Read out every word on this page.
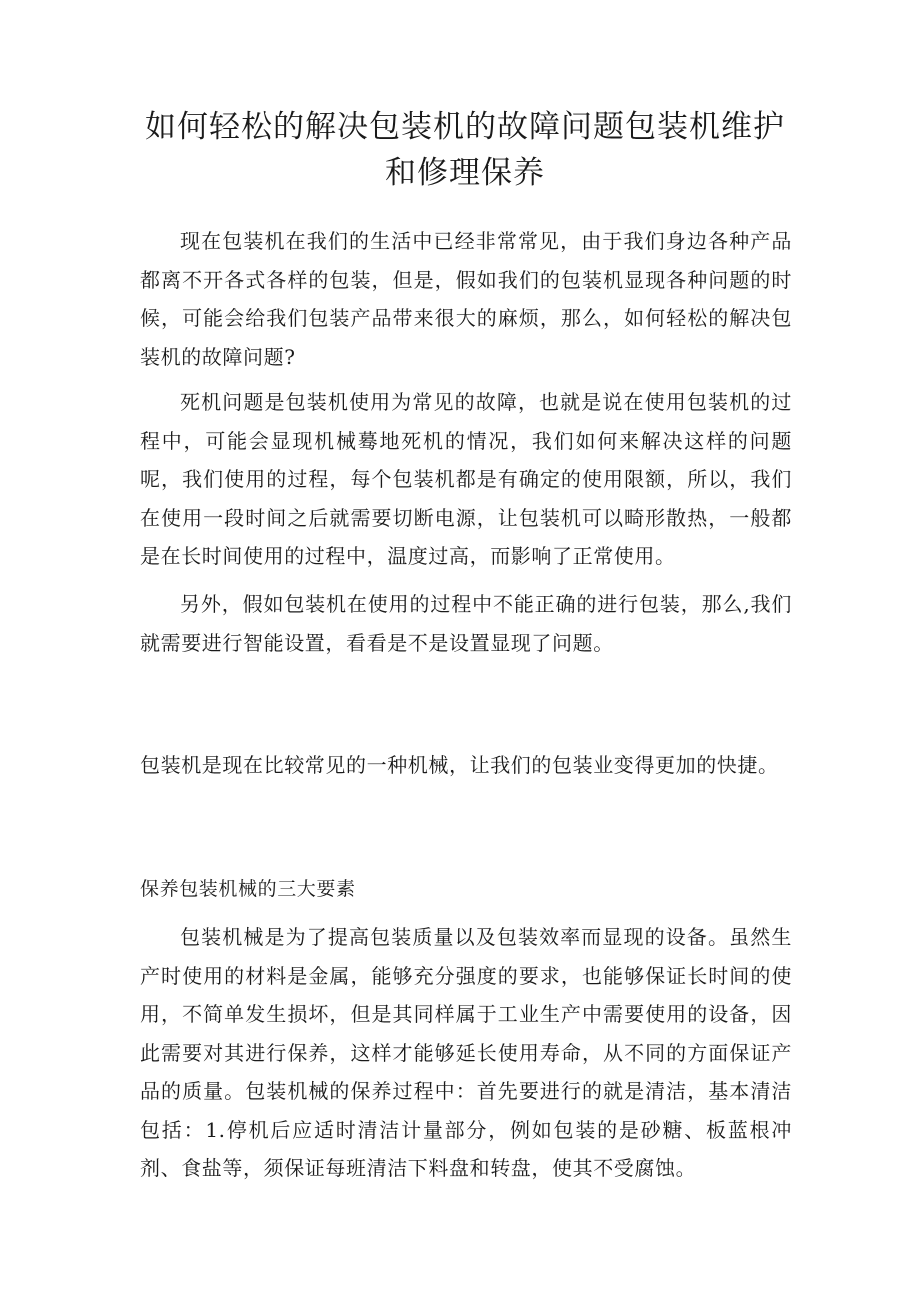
如何轻松的解决包装机的故障问题包装机维护和修理保养

现在包装机在我们的生活中已经非常常见，由于我们身边各种产品都离不开各式各样的包装，但是，假如我们的包装机显现各种问题的时候，可能会给我们包装产品带来很大的麻烦，那么，如何轻松的解决包装机的故障问题?

死机问题是包装机使用为常见的故障，也就是说在使用包装机的过程中，可能会显现机械蓦地死机的情况，我们如何来解决这样的问题呢，我们使用的过程，每个包装机都是有确定的使用限额，所以，我们在使用一段时间之后就需要切断电源，让包装机可以畸形散热，一般都是在长时间使用的过程中，温度过高，而影响了正常使用。

另外，假如包装机在使用的过程中不能正确的进行包装，那么,我们就需要进行智能设置，看看是不是设置显现了问题。

包装机是现在比较常见的一种机械，让我们的包装业变得更加的快捷。

保养包装机械的三大要素

包装机械是为了提高包装质量以及包装效率而显现的设备。虽然生产时使用的材料是金属，能够充分强度的要求，也能够保证长时间的使用，不简单发生损坏，但是其同样属于工业生产中需要使用的设备，因此需要对其进行保养，这样才能够延长使用寿命，从不同的方面保证产品的质量。包装机械的保养过程中：首先要进行的就是清洁，基本清洁包括：1.停机后应适时清洁计量部分，例如包装的是砂糖、板蓝根冲剂、食盐等，须保证每班清洁下料盘和转盘，使其不受腐蚀。
